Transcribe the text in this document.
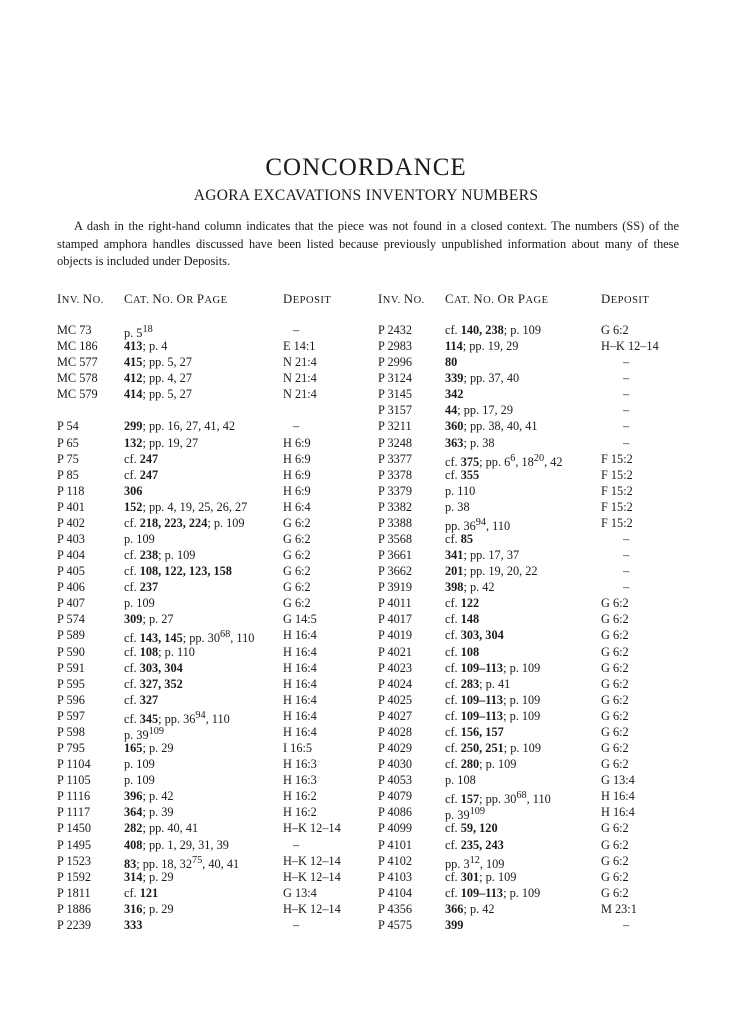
CONCORDANCE
AGORA EXCAVATIONS INVENTORY NUMBERS

A dash in the right-hand column indicates that the piece was not found in a closed context. The numbers (SS) of the stamped amphora handles discussed have been listed because previously unpublished information about many of these objects is included under Deposits.

INV. NO. CAT. NO. OR PAGE	DEPOSIT
MC 73	p. $5^{18}$	–
MC 186 413; p. 4	E 14:1
MC 577 415; pp. 5, 27	N 21:4
MC 578 412; pp. 4, 27	N 21:4
MC 579 414; pp. 5, 27	N 21:4
P 54	299; pp. 16, 27, 41, 42	–
P 65	132; pp. 19, 27	H 6:9
P 75	cf. 247	H 6:9
P 85	cf. 247	H 6:9
P 118	306	H 6:9
P 401	152; pp. 4, 19, 25, 26, 27	H 6:4
P 402	cf. 218, 223, 224; p. 109	G 6:2
P 403	p. 109	G 6:2
P 404	cf. 238; p. 109	G 6:2
P 405	cf. 108, 122, 123, 158	G 6:2
P 406	cf. 237	G 6:2
P 407	p. 109	G 6:2
P 574	309; p. 27	G 14:5
P 589	cf. 143, 145; pp. $30^{68}$, 110 H 16:4
P 590	cf. 108; p. 110	H 16:4
P 591	cf. 303, 304	H 16:4
P 595	cf. 327, 352	H 16:4
P 596	cf. 327	H 16:4
P 597	cf. 345; pp. $36^{94}$, 110	H 16:4
P 598	p. $39^{109}$	H 16:4
P 795	165; p. 29	I 16:5
P 1104	p. 109	H 16:3
P 1105	p. 109	H 16:3
P 1116	396; p. 42	H 16:2
P 1117	364; p. 39	H 16:2
P 1450	282; pp. 40, 41	H–K 12–14
P 1495	408; pp. 1, 29, 31, 39	–
P 1523	83; pp. 18, $32^{75}$, 40, 41	H–K 12–14
P 1592	314; p. 29	H–K 12–14
P 1811	cf. 121	G 13:4
P 1886	316; p. 29	H–K 12–14
P 2239	333	–
INV. NO. CAT. NO. OR PAGE	DEPOSIT
P 2432	cf. 140, 238; p. 109	G 6:2
P 2983	114; pp. 19, 29	H–K 12–14
P 2996	80	–
P 3124	339; pp. 37, 40	–
P 3145	342	–
P 3157	44; pp. 17, 29	–
P 3211	360; pp. 38, 40, 41	–
P 3248	363; p. 38	–
P 3377	cf. 375; pp. $6^6$, $18^{20}$, 42	F 15:2
P 3378	cf. 355	F 15:2
P 3379	p. 110	F 15:2
P 3382	p. 38	F 15:2
P 3388	pp. $36^{94}$, 110	F 15:2
P 3568	cf. 85	–
P 3661	341; pp. 17, 37	–
P 3662	201; pp. 19, 20, 22	–
P 3919	398; p. 42	–
P 4011	cf. 122	G 6:2
P 4017	cf. 148	G 6:2
P 4019	cf. 303, 304	G 6:2
P 4021	cf. 108	G 6:2
P 4023	cf. 109–113; p. 109	G 6:2
P 4024	cf. 283; p. 41	G 6:2
P 4025	cf. 109–113; p. 109	G 6:2
P 4027	cf. 109–113; p. 109	G 6:2
P 4028	cf. 156, 157	G 6:2
P 4029	cf. 250, 251; p. 109	G 6:2
P 4030	cf. 280; p. 109	G 6:2
P 4053	p. 108	G 13:4
P 4079	cf. 157; pp. $30^{68}$, 110	H 16:4
P 4086	p. $39^{109}$	H 16:4
P 4099	cf. 59, 120	G 6:2
P 4101	cf. 235, 243	G 6:2
P 4102	pp. $3^{12}$, 109	G 6:2
P 4103	cf. 301; p. 109	G 6:2
P 4104	cf. 109–113; p. 109	G 6:2
P 4356	366; p. 42	M 23:1
P 4575	399	–
